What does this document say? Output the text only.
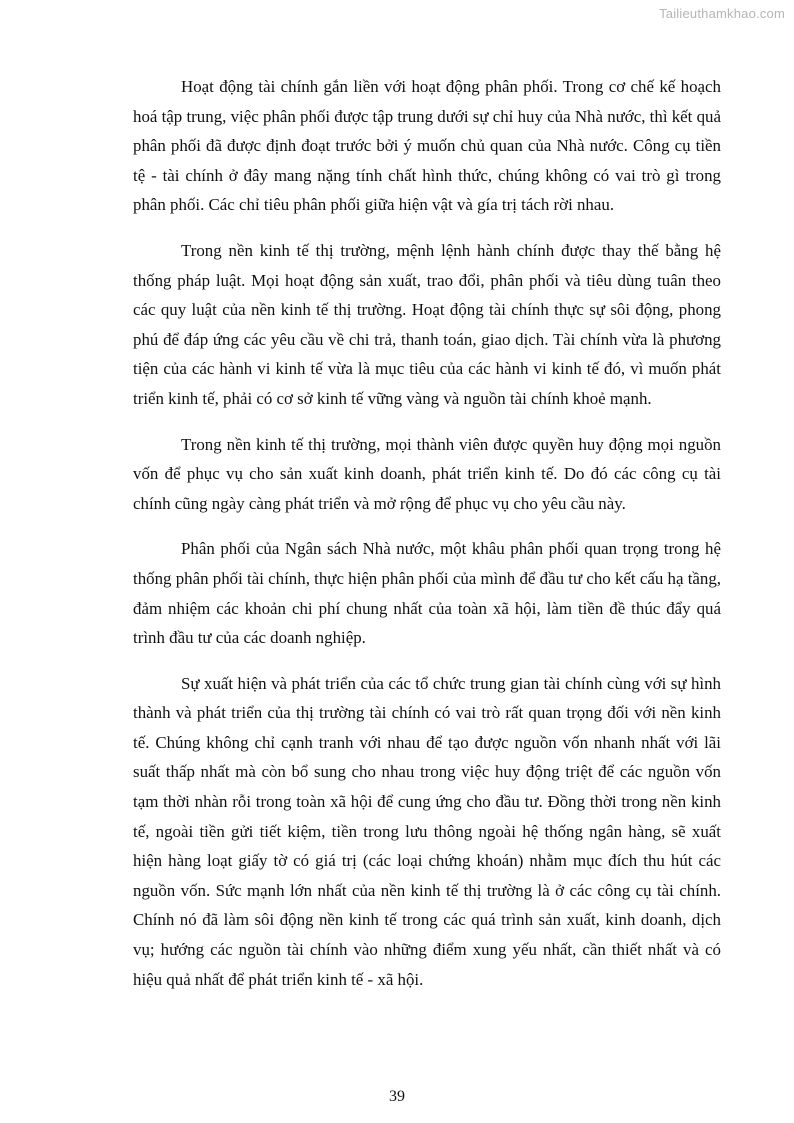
Tailieuthamkhao.com

Hoạt động tài chính gắn liền với hoạt động phân phối. Trong cơ chế kế hoạch hoá tập trung, việc phân phối được tập trung dưới sự chỉ huy của Nhà nước, thì kết quả phân phối đã được định đoạt trước bởi ý muốn chủ quan của Nhà nước. Công cụ tiền tệ - tài chính ở đây mang nặng tính chất hình thức, chúng không có vai trò gì trong phân phối. Các chỉ tiêu phân phối giữa hiện vật và gía trị tách rời nhau.

Trong nền kinh tế thị trường, mệnh lệnh hành chính được thay thế bằng hệ thống pháp luật. Mọi hoạt động sản xuất, trao đổi, phân phối và tiêu dùng tuân theo các quy luật của nền kinh tế thị trường. Hoạt động tài chính thực sự sôi động, phong phú để đáp ứng các yêu cầu về chi trả, thanh toán, giao dịch. Tài chính vừa là phương tiện của các hành vi kinh tế vừa là mục tiêu của các hành vi kinh tế đó, vì muốn phát triển kinh tế, phải có cơ sở kinh tế vững vàng và nguồn tài chính khoẻ mạnh.

Trong nền kinh tế thị trường, mọi thành viên được quyền huy động mọi nguồn vốn để phục vụ cho sản xuất kinh doanh, phát triển kinh tế. Do đó các công cụ tài chính cũng ngày càng phát triển và mở rộng để phục vụ cho yêu cầu này.

Phân phối của Ngân sách Nhà nước, một khâu phân phối quan trọng trong hệ thống phân phối tài chính, thực hiện phân phối của mình để đầu tư cho kết cấu hạ tầng, đảm nhiệm các khoản chi phí chung nhất của toàn xã hội, làm tiền đề thúc đẩy quá trình đầu tư của các doanh nghiệp.

Sự xuất hiện và phát triển của các tổ chức trung gian tài chính cùng với sự hình thành và phát triển của thị trường tài chính có vai trò rất quan trọng đối với nền kinh tế. Chúng không chỉ cạnh tranh với nhau để tạo được nguồn vốn nhanh nhất với lãi suất thấp nhất mà còn bổ sung cho nhau trong việc huy động triệt để các nguồn vốn tạm thời nhàn rỗi trong toàn xã hội để cung ứng cho đầu tư. Đồng thời trong nền kinh tế, ngoài tiền gửi tiết kiệm, tiền trong lưu thông ngoài hệ thống ngân hàng, sẽ xuất hiện hàng loạt giấy tờ có giá trị (các loại chứng khoán) nhằm mục đích thu hút các nguồn vốn. Sức mạnh lớn nhất của nền kinh tế thị trường là ở các công cụ tài chính. Chính nó đã làm sôi động nền kinh tế trong các quá trình sản xuất, kinh doanh, dịch vụ; hướng các nguồn tài chính vào những điểm xung yếu nhất, cần thiết nhất và có hiệu quả nhất để phát triển kinh tế - xã hội.

39
